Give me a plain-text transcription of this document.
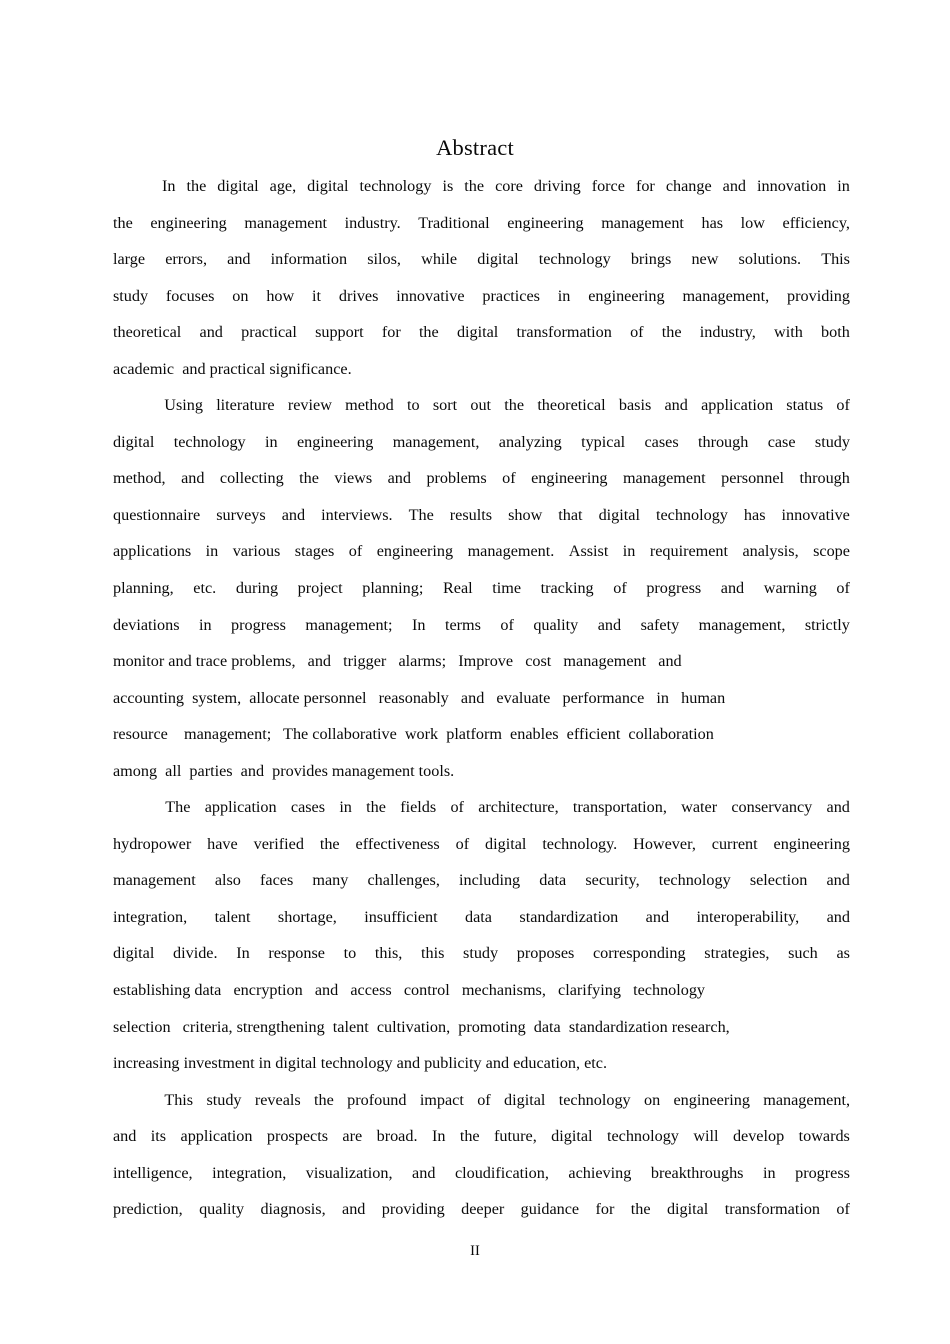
Abstract

In the digital age, digital technology is the core driving force for change and innovation in
the engineering management industry. Traditional engineering management has low efficiency,
large errors, and information silos, while digital technology brings new solutions. This
study focuses on how it drives innovative practices in engineering management, providing
theoretical and practical support for the digital transformation of the industry, with both
academic  and practical significance.

Using literature review method to sort out the theoretical basis and application status of
digital technology in engineering management, analyzing typical cases through case study
method, and collecting the views and problems of engineering management personnel through
questionnaire surveys and interviews. The results show that digital technology has innovative
applications in various stages of engineering management. Assist in requirement analysis, scope
planning, etc. during project planning; Real time tracking of progress and warning of
deviations in progress management; In terms of quality and safety management, strictly
monitor and trace problems,   and   trigger   alarms;   Improve   cost   management   and
accounting  system,  allocate personnel   reasonably   and   evaluate   performance   in   human
resource    management;   The collaborative  work  platform  enables  efficient  collaboration
among  all  parties  and  provides management tools.

The application cases in the fields of architecture, transportation, water conservancy and
hydropower have verified the effectiveness of digital technology. However, current engineering
management also faces many challenges, including data security, technology selection and
integration, talent shortage, insufficient data standardization and interoperability, and
digital divide. In response to this, this study proposes corresponding strategies, such as
establishing data   encryption   and   access   control   mechanisms,   clarifying   technology
selection   criteria, strengthening  talent  cultivation,  promoting  data  standardization research,
increasing investment in digital technology and publicity and education, etc.

This study reveals the profound impact of digital technology on engineering management,
and its application prospects are broad. In the future, digital technology will develop towards
intelligence, integration, visualization, and cloudification, achieving breakthroughs in progress
prediction, quality diagnosis, and providing deeper guidance for the digital transformation of

II
